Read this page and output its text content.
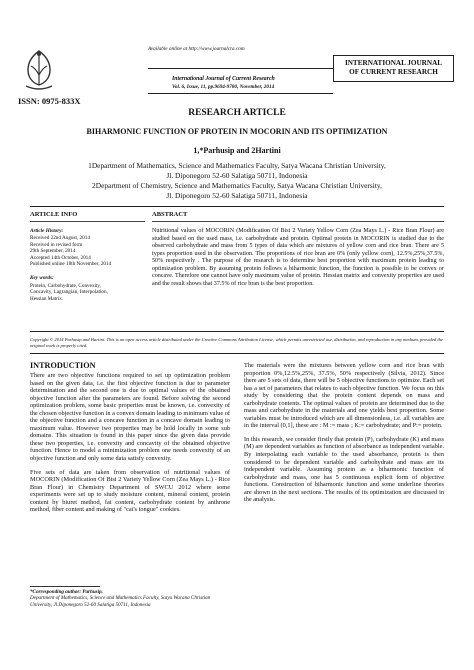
ISSN: 0975-833X
Available online at http://www.journalcra.com
International Journal of Current Research
Vol. 6, Issue, 11, pp.9694-9700, November, 2014
INTERNATIONAL JOURNAL
OF CURRENT RESEARCH
RESEARCH ARTICLE
BIHARMONIC FUNCTION OF PROTEIN IN MOCORIN AND ITS OPTIMIZATION
1,*Parhusip and 2Hartini
1Department of Mathematics, Science and Mathematics Faculty, Satya Wacana Christian University,
Jl. Diponegoro 52-60 Salatiga 50711, Indonesia
2Department of Chemistry, Science and Mathematics Faculty, Satya Wacana Christian University,
Jl. Diponegoro 52-60 Salatiga 50711, Indonesia
ARTICLE INFO	ABSTRACT

Article History:

Received 22nd August, 2014

Received in revised form

29th September, 2014

Accepted 14th October, 2014

Published online 18th November, 2014

Key words:

Protein, Carbohydrate, Convexity,

Concavity, Lagrangian, Interpolation,

Hessian Matrix.

Nutritional values of MOCORIN (Modification Of Bisi 2 Variety Yellow Corn (Zea Mays L.) - Rice Bran Flour) are studied based on the used mass, i.e. carbohydrate and protein. Optimal protein in MOCORIN is studied due to the observed carbohydrate and mass from 5 types of data which are mixtures of yellow corn and rice bran. There are 5 types proportion used in the observation. The proportions of rice bran are 0% (only yellow corn), 12.5%,25%,37.5%, 50% respectively . The purpose of the research is to determine best proportion with maximum protein leading to optimization problem. By assuming protein follows a biharmonic function, the function is possible to be convex or concave. Therefore one cannot have only maximum value of protein. Hessian matrix and convexity properties are used and the result shows that 37.5% of rice bran is the best proportion.
Copyright © 2014 Parhusip and Hartini. This is an open access article distributed under the Creative Commons Attribution License, which permits unrestricted use, distribution, and reproduction in any medium, provided the original work is properly cited.
INTRODUCTION

There are two objective functions required to set up optimization problem based on the given data, i.e. the first objective function is due to parameter determination and the second one is due to optimal values of the obtained objective function after the parameters are found. Before solving the second optimization problem, some basic properties must be known, i.e. convexity of the chosen objective function in a convex domain leading to minimum value of the objective function and a concave function in a concave domain leading to maximum value. However two properties may be hold locally in some sub domains. This situation is found in this paper since the given data provide these two properties, i.e. convexity and concavity of the obtained objective function. Hence to model a minimization problem one needs convexity of an objective function and only some data satisfy convexity.

Five sets of data are taken from observation of nutritional values of MOCORIN (Modification Of Bisi 2 Variety Yellow Corn (Zea Mays L.) - Rice Bran Flour) in Chemistry Department of SWCU 2012 where some experiments were set up to study moisture content, mineral content, protein content by biuret method, fat content, carbohydrate content by anthrone method, fiber content and making of "cat's tongue" cookies.

The materials were the mixtures between yellow corn and rice bran with proportion 0%,12.5%,25%, 37.5%, 50% respectively (Silvia, 2012). Since there are 5 sets of data, there will be 5 objective functions to optimize. Each set has a set of parameters that relates to each objective function. We focus on this study by considering that the protein content depends on mass and carbohydrate contents. The optimal values of protein are determined due to the mass and carbohydrate in the materials and one yields best proportion. Some variables must be introduced which are all dimensionless, i.e. all variables are in the interval (0,1], these are : M := mass ; K:= carbohydrate; and P:= protein.

In this research, we consider firstly that protein (P), carbohydrate (K) and mass (M) are dependent variables as function of absorbance as independent variable. By interpolating each variable to the used absorbance, protein is then considered to be dependent variable and carbohydrate and mass are its independent variable. Assuming protein as a biharmonic function of carbohydrate and mass, one has 5 continuous explicit form of objective functions. Construction of biharmonic function and some underline theories are shown in the next sections. The results of its optimization are discussed in the analysis.

*Corresponding author: Parhusip,
Department of Mathematics, Science and Mathematics Faculty, Satya Wacana Christian University, Jl.Diponegoro 52-60 Salatiga 50711, Indonesia
